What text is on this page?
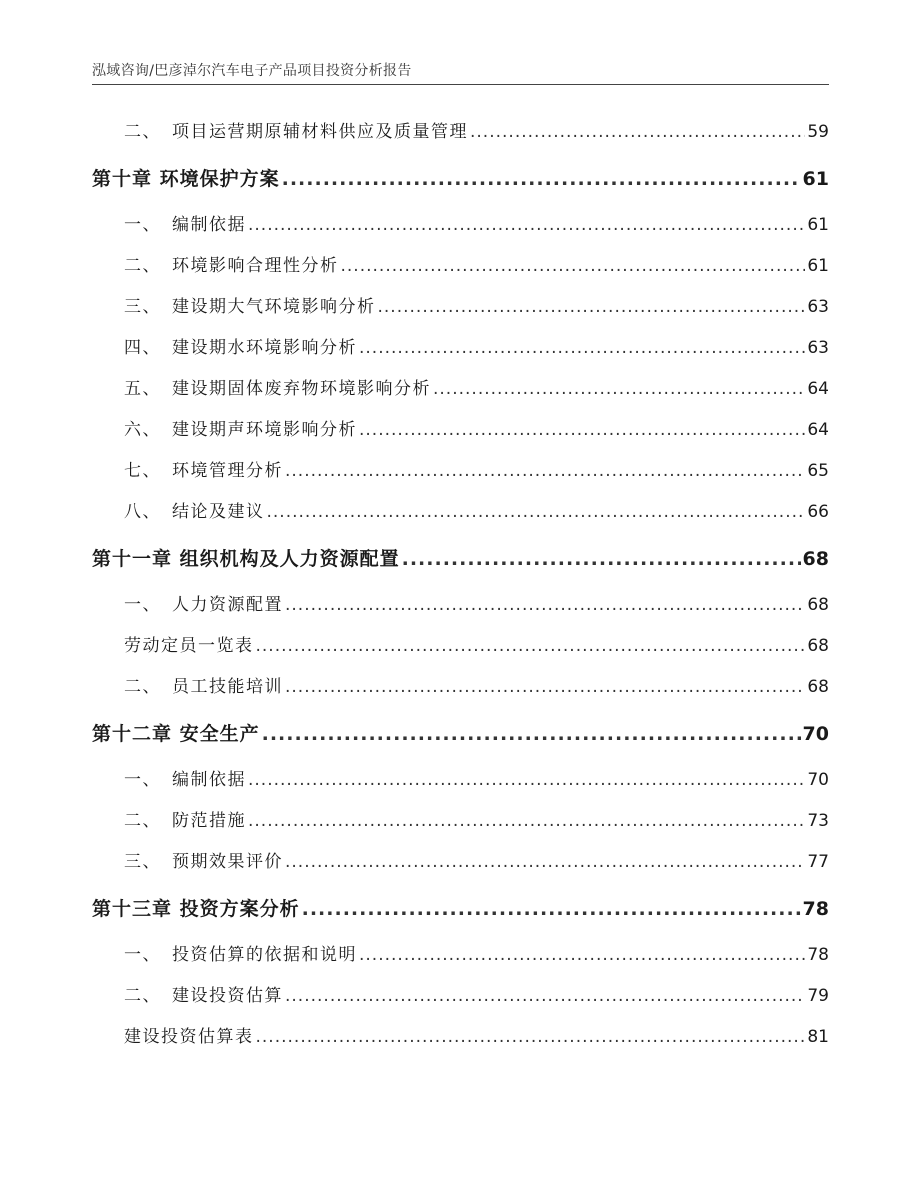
泓域咨询/巴彦淖尔汽车电子产品项目投资分析报告
二、 项目运营期原辅材料供应及质量管理 .....	59
第十章 环境保护方案 .....	61
一、 编制依据 .....	61
二、 环境影响合理性分析 .....	61
三、 建设期大气环境影响分析 .....	63
四、 建设期水环境影响分析 .....	63
五、 建设期固体废弃物环境影响分析 .....	64
六、 建设期声环境影响分析 .....	64
七、 环境管理分析 .....	65
八、 结论及建议 .....	66
第十一章 组织机构及人力资源配置 .....	68
一、 人力资源配置 .....	68
劳动定员一览表 .....	68
二、 员工技能培训 .....	68
第十二章 安全生产 .....	70
一、 编制依据 .....	70
二、 防范措施 .....	73
三、 预期效果评价 .....	77
第十三章 投资方案分析 .....	78
一、 投资估算的依据和说明 .....	78
二、 建设投资估算 .....	79
建设投资估算表 .....	81
